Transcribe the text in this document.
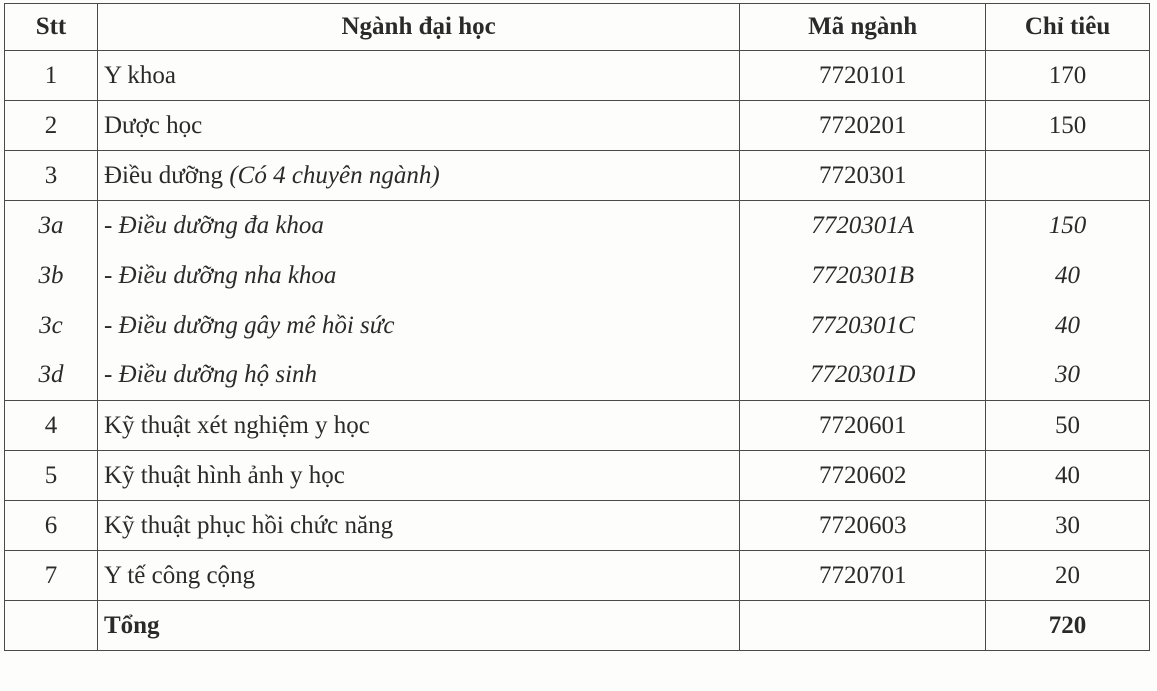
Stt	Ngành đại học	Mã ngành	Chỉ tiêu
1	Y khoa	7720101	170
2	Dược học	7720201	150
3	Điều dưỡng (Có 4 chuyên ngành)	7720301	
3a	- Điều dưỡng đa khoa	7720301A	150
3b	- Điều dưỡng nha khoa	7720301B	40
3c	- Điều dưỡng gây mê hồi sức	7720301C	40
3d	- Điều dưỡng hộ sinh	7720301D	30
4	Kỹ thuật xét nghiệm y học	7720601	50
5	Kỹ thuật hình ảnh y học	7720602	40
6	Kỹ thuật phục hồi chức năng	7720603	30
7	Y tế công cộng	7720701	20
	Tổng		720
